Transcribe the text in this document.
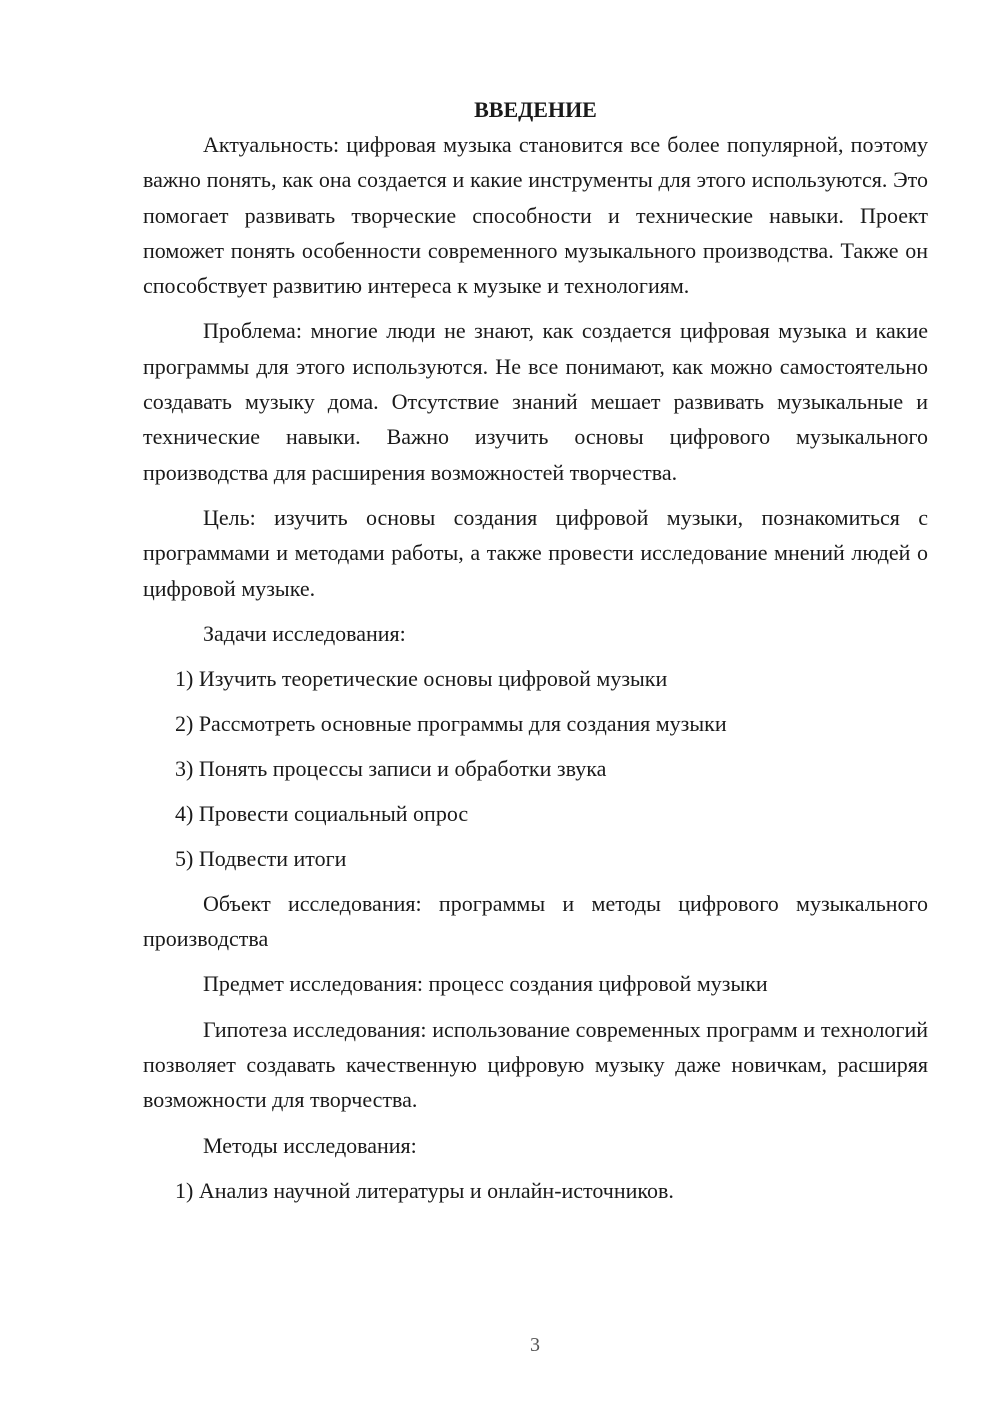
ВВЕДЕНИЕ

Актуальность: цифровая музыка становится все более популярной, поэтому важно понять, как она создается и какие инструменты для этого используются. Это помогает развивать творческие способности и технические навыки. Проект поможет понять особенности современного музыкального производства. Также он способствует развитию интереса к музыке и технологиям.

Проблема: многие люди не знают, как создается цифровая музыка и какие программы для этого используются. Не все понимают, как можно самостоятельно создавать музыку дома. Отсутствие знаний мешает развивать музыкальные и технические навыки. Важно изучить основы цифрового музыкального производства для расширения возможностей творчества.

Цель: изучить основы создания цифровой музыки, познакомиться с программами и методами работы, а также провести исследование мнений людей о цифровой музыке.

Задачи исследования:
1) Изучить теоретические основы цифровой музыки
2) Рассмотреть основные программы для создания музыки
3) Понять процессы записи и обработки звука
4) Провести социальный опрос
5) Подвести итоги

Объект исследования: программы и методы цифрового музыкального производства

Предмет исследования: процесс создания цифровой музыки

Гипотеза исследования: использование современных программ и технологий позволяет создавать качественную цифровую музыку даже новичкам, расширяя возможности для творчества.

Методы исследования:
1) Анализ научной литературы и онлайн-источников.
3
